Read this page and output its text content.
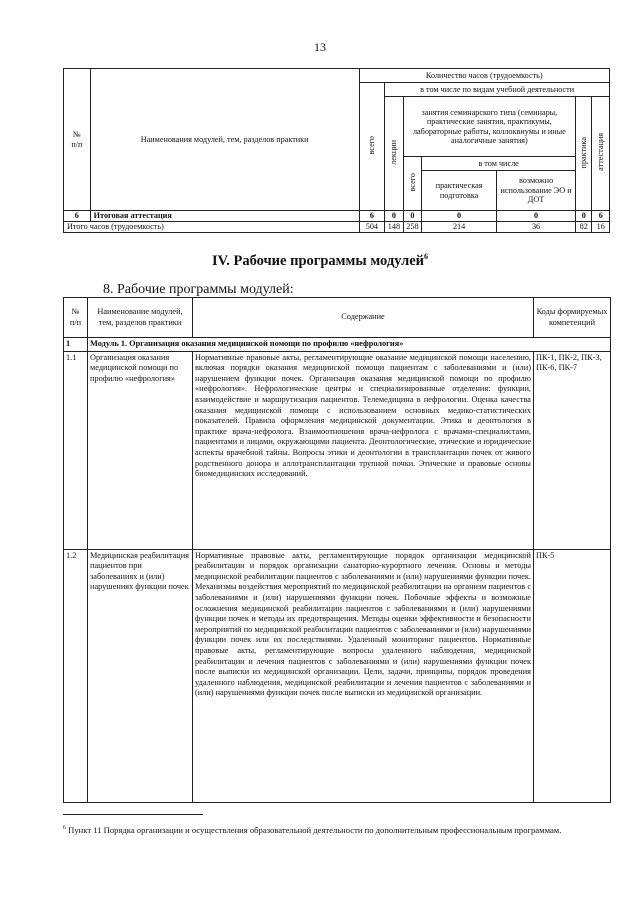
13
№
п/п	Наименования модулей, тем, разделов практики	Количество часов (трудоемкость)						
		всего	в том числе по видам учебной деятельности					
			лекции	занятия семинарского типа (семинары, практические занятия, практикумы, лабораторные работы, коллоквиумы и иные аналогичные занятия)			практика	аттестация
				всего	в том числе			
					практическая подготовка	возможно использование ЭО и ДОТ		
6	Итоговая аттестация	6	0	0	0	0	0	6
Итого часов (трудоемкость)		504	148	258	214	36	82	16
IV. Рабочие программы модулей$^6$
8. Рабочие программы модулей:
№
п/п	Наименование модулей, тем, разделов практики	Содержание	Коды формируемых компетенций
1	Модуль 1. Организация оказания медицинской помощи по профилю «нефрология»		
1.1	Организация оказания медицинской помощи по профилю «нефрология»	Нормативные правовые акты, регламентирующие оказание медицинской помощи населению, включая порядки оказания медицинской помощи пациентам с заболеваниями и (или) нарушением функции почек. Организация оказания медицинской помощи по профилю «нефрология». Нефрологические центры и специализированные отделения: функции, взаимодействие и маршрутизация пациентов. Телемедицина в нефрологии. Оценка качества оказания медицинской помощи с использованием основных медико-статистических показателей. Правила оформления медицинской документации. Этика и деонтология в практике врача-нефролога. Взаимоотношения врача-нефролога с врачами-специалистами, пациентами и лицами, окружающими пациента. Деонтологические, этические и юридические аспекты врачебной тайны. Вопросы этики и деонтологии в трансплантации почек от живого родственного донора и аллотрансплантации трупной почки. Этические и правовые основы биомедицинских исследований.	ПК-1, ПК-2, ПК-3, ПК-6, ПК-7
1.2	Медицинская реабилитация пациентов при заболеваниях и (или) нарушениях функции почек	Нормативные правовые акты, регламентирующие порядок организации медицинской реабилитации и порядок организации санаторно-курортного лечения. Основы и методы медицинской реабилитации пациентов с заболеваниями и (или) нарушениями функции почек. Механизмы воздействия мероприятий по медицинской реабилитации на организм пациентов с заболеваниями и (или) нарушениями функции почек. Побочные эффекты и возможные осложнения медицинской реабилитации пациентов с заболеваниями и (или) нарушениями функции почек и методы их предотвращения. Методы оценки эффективности и безопасности мероприятий по медицинской реабилитации пациентов с заболеваниями и (или) нарушениями функции почек или их последствиями. Удаленный мониторинг пациентов. Нормативные правовые акты, регламентирующие вопросы удаленного наблюдения, медицинской реабилитации и лечения пациентов с заболеваниями и (или) нарушениями функции почек после выписки из медицинской организации. Цели, задачи, принципы, порядок проведения удаленного наблюдения, медицинской реабилитации и лечения пациентов с заболеваниями и (или) нарушениями функции почек после выписки из медицинской организации.	ПК-5
$^6$ Пункт 11 Порядка организации и осуществления образовательной деятельности по дополнительным профессиональным программам.
